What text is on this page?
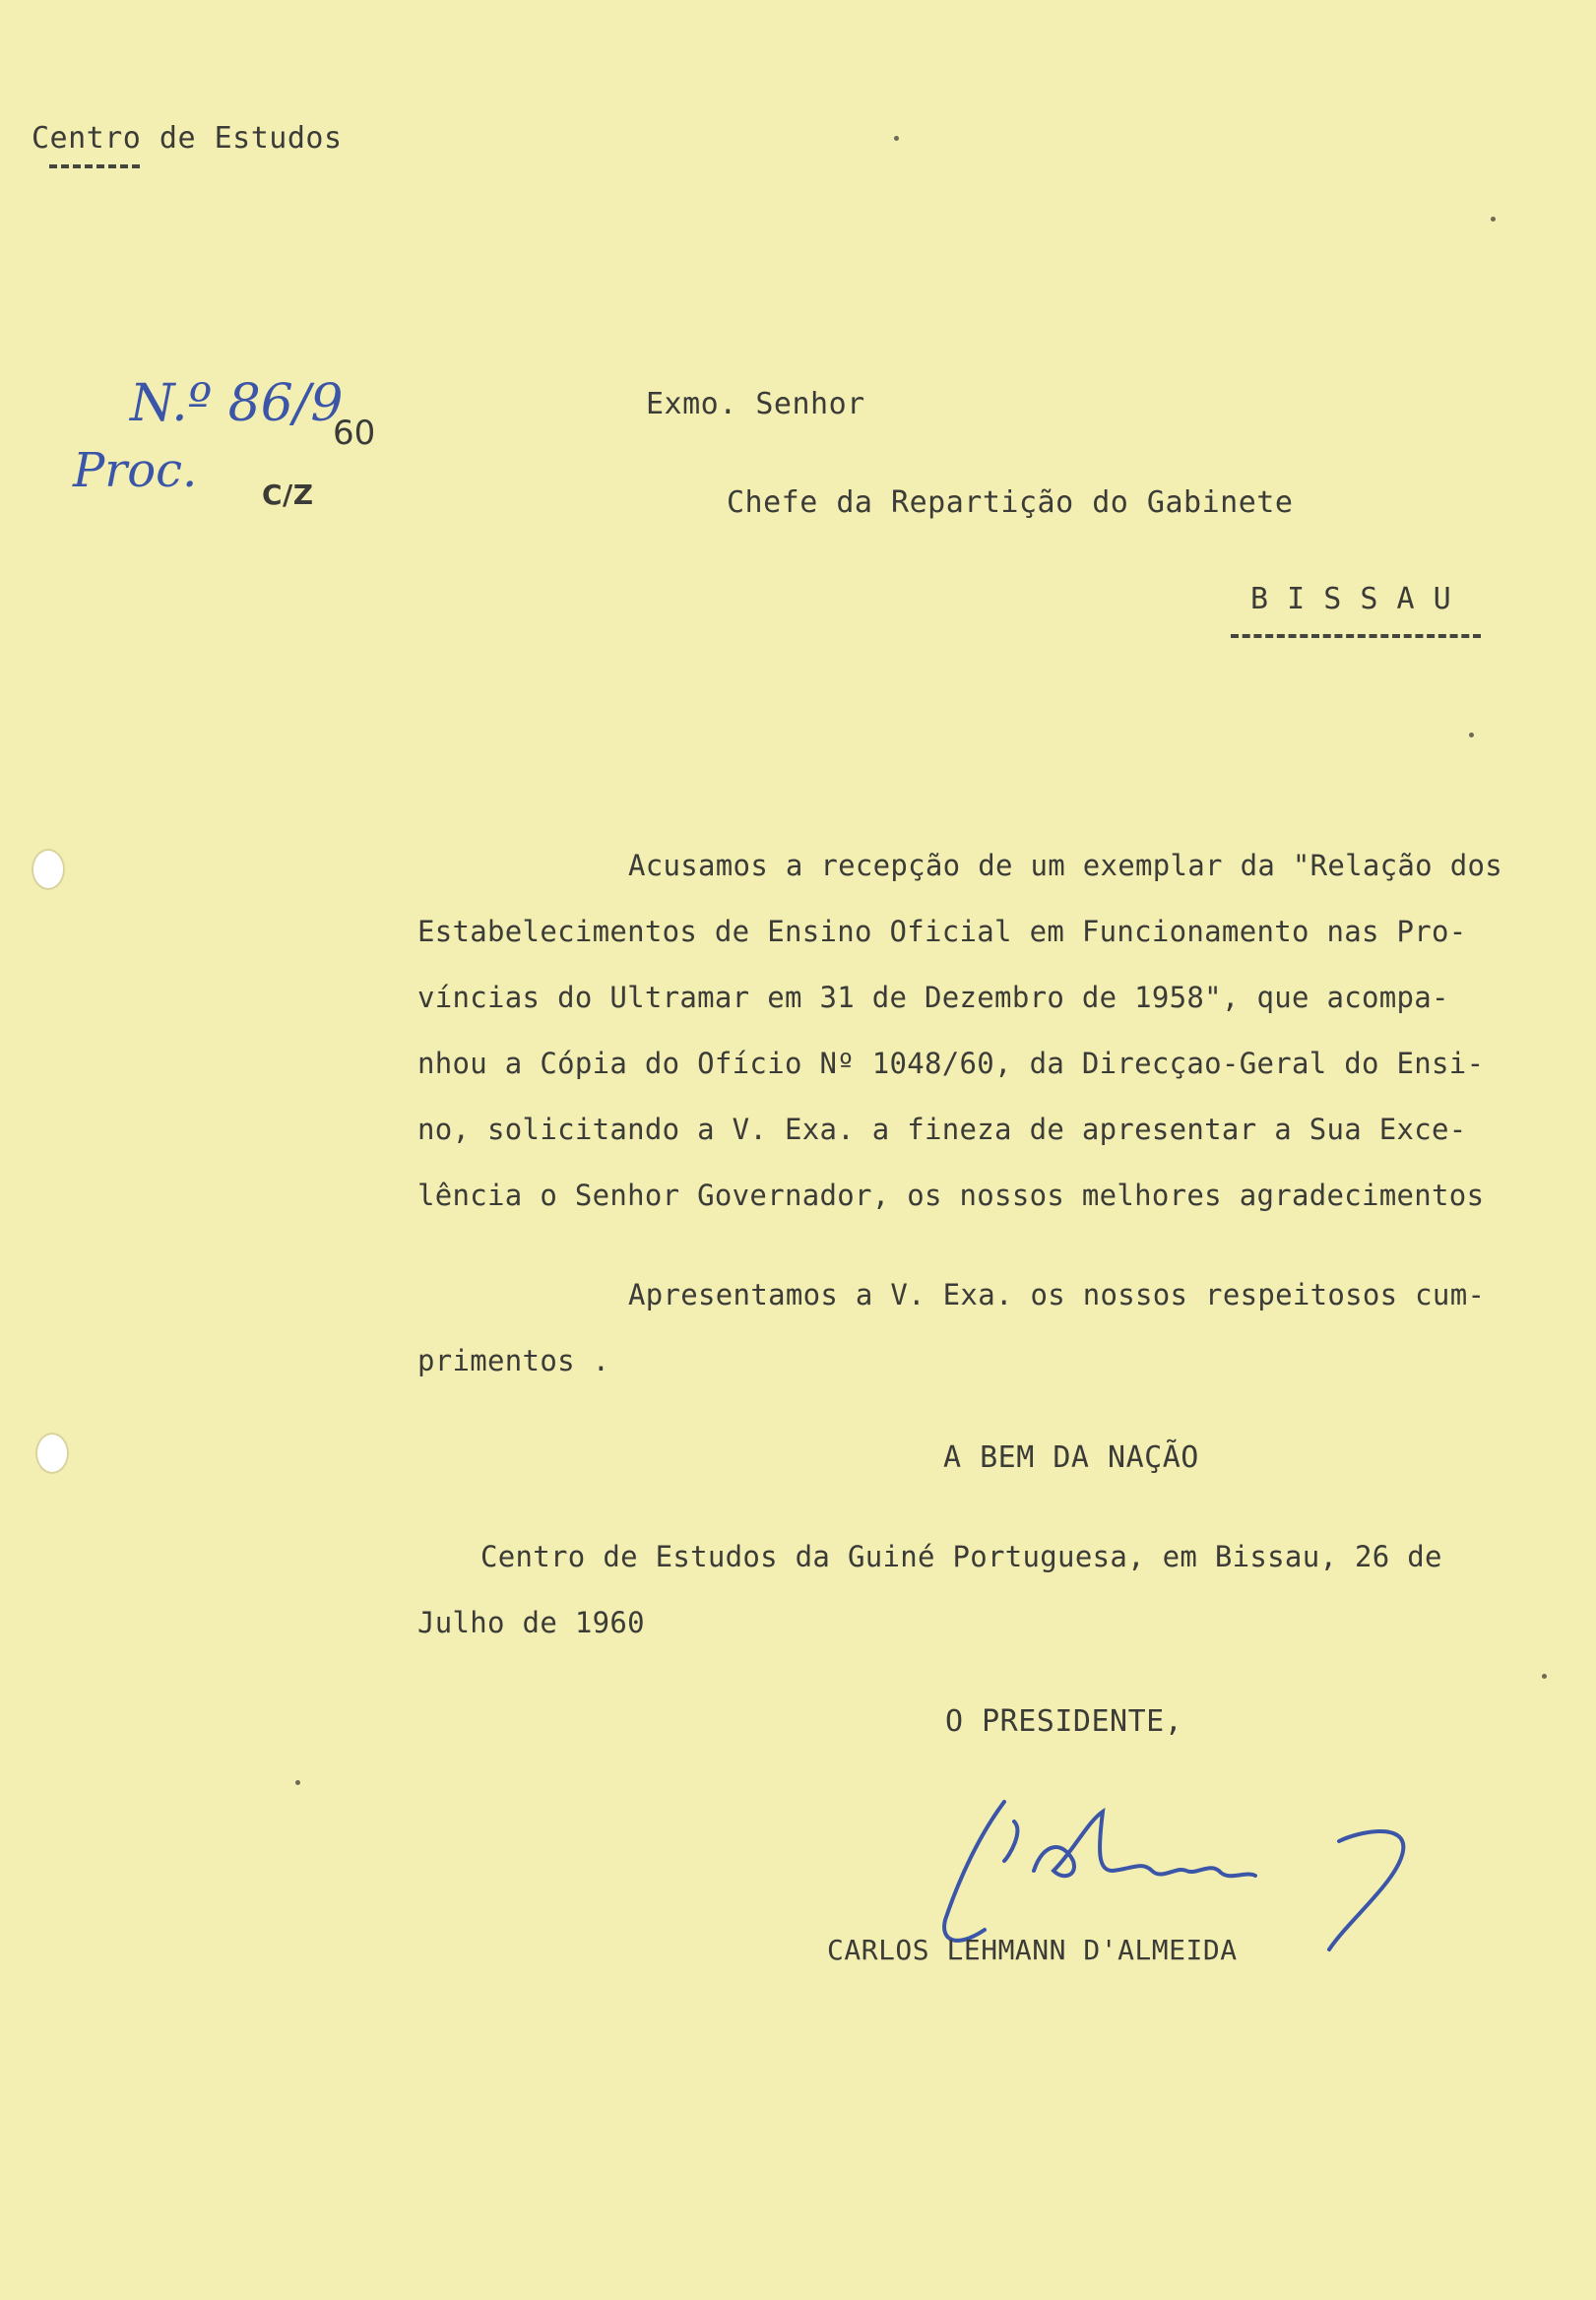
Centro de Estudos
N.º 86/9
60
Proc. C/Z
Exmo. Senhor
Chefe da Repartição do Gabinete
B I S S A U
Acusamos a recepção de um exemplar da "Relação dos
Estabelecimentos de Ensino Oficial em Funcionamento nas Pro-
víncias do Ultramar em 31 de Dezembro de 1958", que acompa-
nhou a Cópia do Ofício Nº 1048/60, da Direcçao-Geral do Ensi-
no, solicitando a V. Exa. a fineza de apresentar a Sua Exce-
lência o Senhor Governador, os nossos melhores agradecimentos
Apresentamos a V. Exa. os nossos respeitosos cum-
primentos .
A BEM DA NAÇÃO
Centro de Estudos da Guiné Portuguesa, em Bissau, 26 de
Julho de 1960
O PRESIDENTE,
CARLOS LEHMANN D'ALMEIDA
